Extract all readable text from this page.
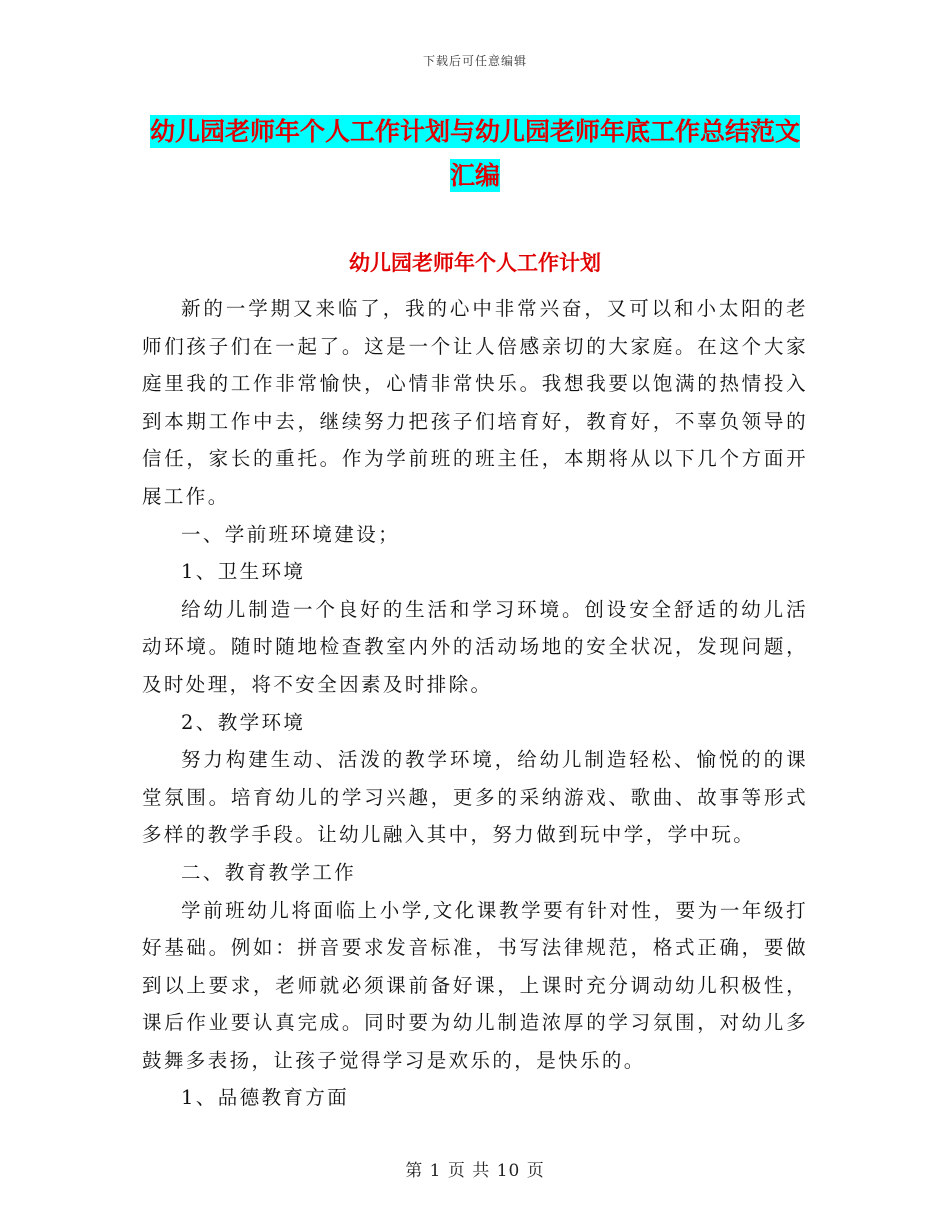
下载后可任意编辑
幼儿园老师年个人工作计划与幼儿园老师年底工作总结范文汇编
幼儿园老师年个人工作计划

新的一学期又来临了，我的心中非常兴奋，又可以和小太阳的老师们孩子们在一起了。这是一个让人倍感亲切的大家庭。在这个大家庭里我的工作非常愉快，心情非常快乐。我想我要以饱满的热情投入到本期工作中去，继续努力把孩子们培育好，教育好，不辜负领导的信任，家长的重托。作为学前班的班主任，本期将从以下几个方面开展工作。

一、学前班环境建设；

1、卫生环境

给幼儿制造一个良好的生活和学习环境。创设安全舒适的幼儿活动环境。随时随地检查教室内外的活动场地的安全状况，发现问题，及时处理，将不安全因素及时排除。

2、教学环境

努力构建生动、活泼的教学环境，给幼儿制造轻松、愉悦的的课堂氛围。培育幼儿的学习兴趣，更多的采纳游戏、歌曲、故事等形式多样的教学手段。让幼儿融入其中，努力做到玩中学，学中玩。

二、教育教学工作

学前班幼儿将面临上小学,文化课教学要有针对性，要为一年级打好基础。例如：拼音要求发音标准，书写法律规范，格式正确，要做到以上要求，老师就必须课前备好课，上课时充分调动幼儿积极性，课后作业要认真完成。同时要为幼儿制造浓厚的学习氛围，对幼儿多鼓舞多表扬，让孩子觉得学习是欢乐的，是快乐的。

1、品德教育方面

第 1 页 共 10 页
